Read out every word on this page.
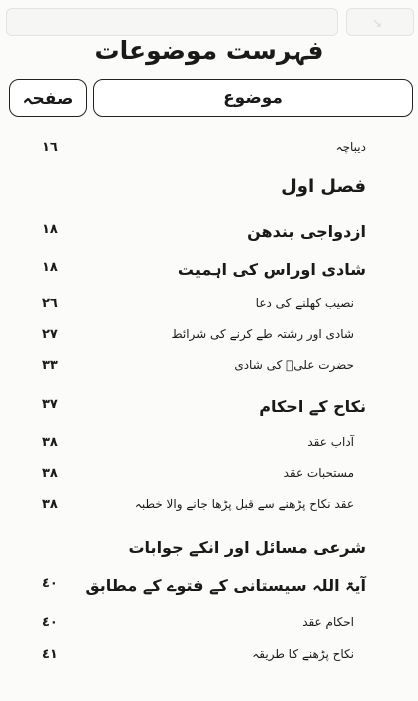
↘
فہرست موضوعات
صفحہ	موضوع
دیباچہ
١٦
فصل اول
ازدواجی بندھن
١٨
شادی اوراس کی اہمیت
١٨
نصیب کھلنے کی دعا
٢٦
شادی اور رشتہ طے کرنے کی شرائط
٢٧
حضرت علیؑ کی شادی
٣٣
نکاح کے احکام
٣٧
آداب عقد
٣٨
مستحبات عقد
٣٨
عقد نکاح پڑھنے سے قبل پڑھا جانے والا خطبہ
٣٨
شرعی مسائل اور انکے جوابات
آیۃ اللہ سیستانی کے فتوے کے مطابق
٤٠
احکام عقد
٤٠
نکاح پڑھنے کا طریقہ
٤١
